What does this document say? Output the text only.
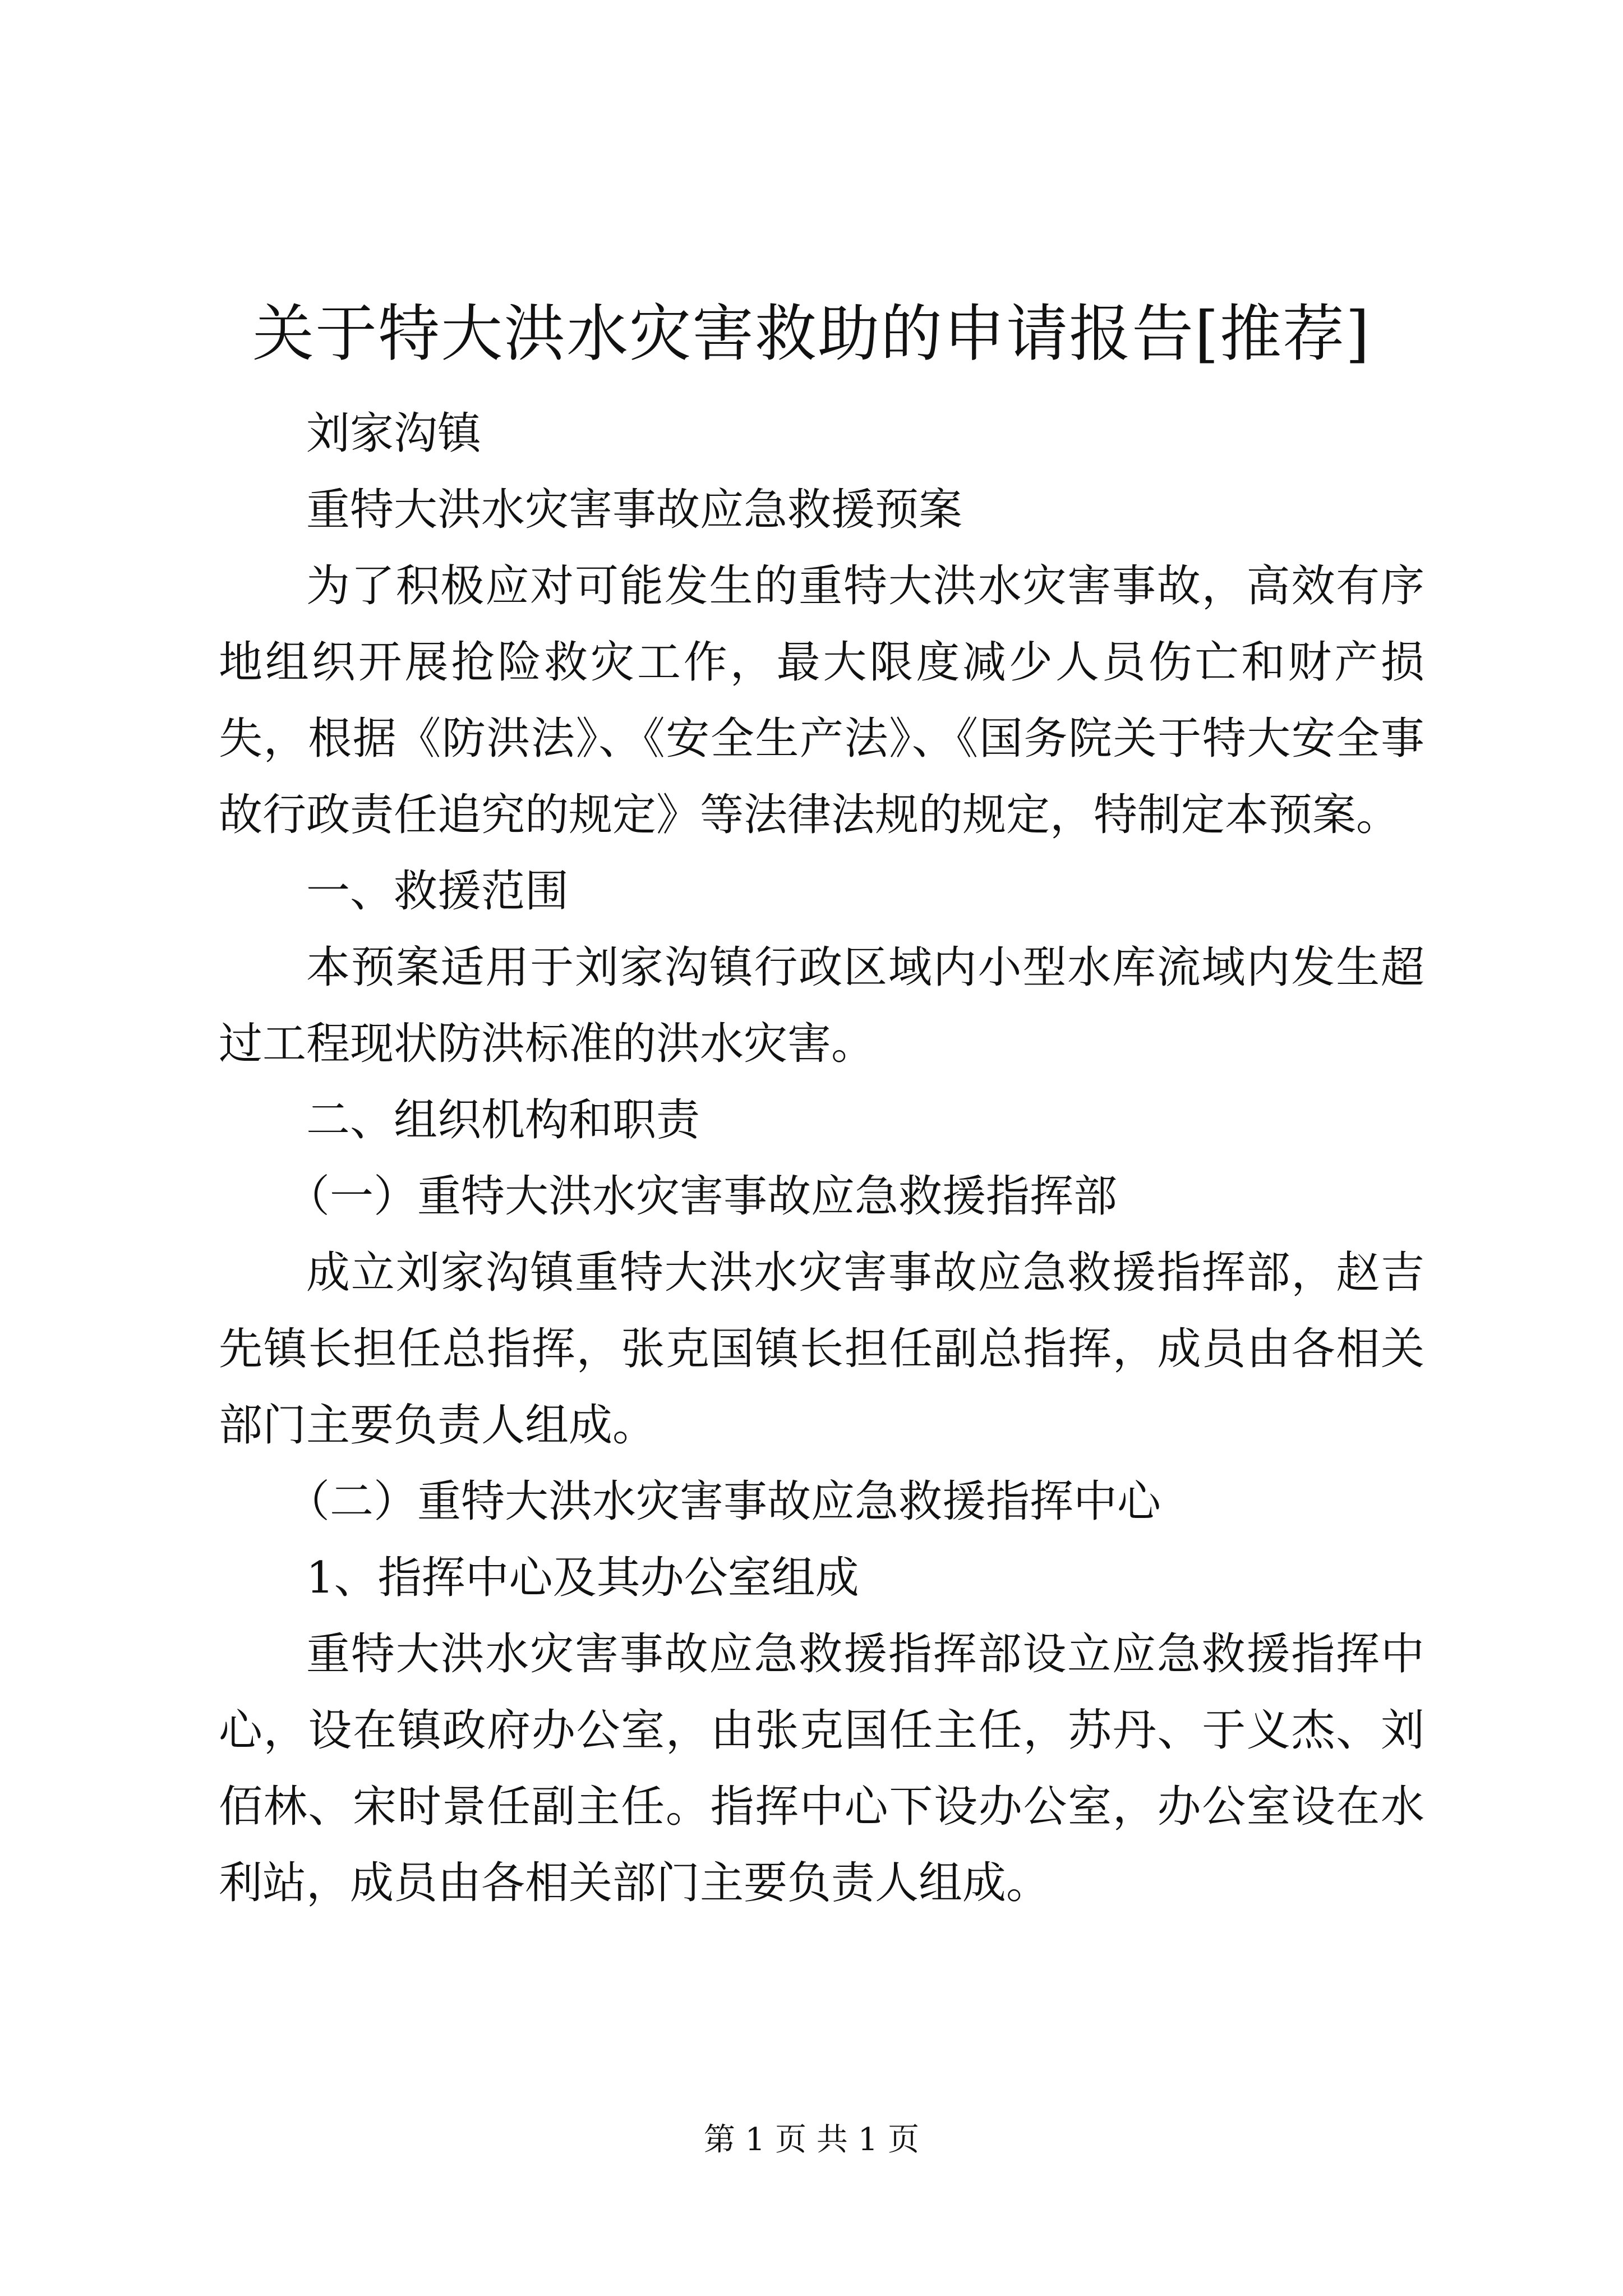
关于特大洪水灾害救助的申请报告[推荐]

刘家沟镇

重特大洪水灾害事故应急救援预案

为了积极应对可能发生的重特大洪水灾害事故，高效有序地组织开展抢险救灾工作，最大限度减少人员伤亡和财产损失，根据《防洪法》、《安全生产法》、《国务院关于特大安全事故行政责任追究的规定》等法律法规的规定，特制定本预案。

一、救援范围

本预案适用于刘家沟镇行政区域内小型水库流域内发生超过工程现状防洪标准的洪水灾害。

二、组织机构和职责

（一）重特大洪水灾害事故应急救援指挥部

成立刘家沟镇重特大洪水灾害事故应急救援指挥部，赵吉先镇长担任总指挥，张克国镇长担任副总指挥，成员由各相关部门主要负责人组成。

（二）重特大洪水灾害事故应急救援指挥中心

1、指挥中心及其办公室组成

重特大洪水灾害事故应急救援指挥部设立应急救援指挥中心，设在镇政府办公室，由张克国任主任，苏丹、于义杰、刘佰林、宋时景任副主任。指挥中心下设办公室，办公室设在水利站，成员由各相关部门主要负责人组成。

第 1 页 共 1 页
